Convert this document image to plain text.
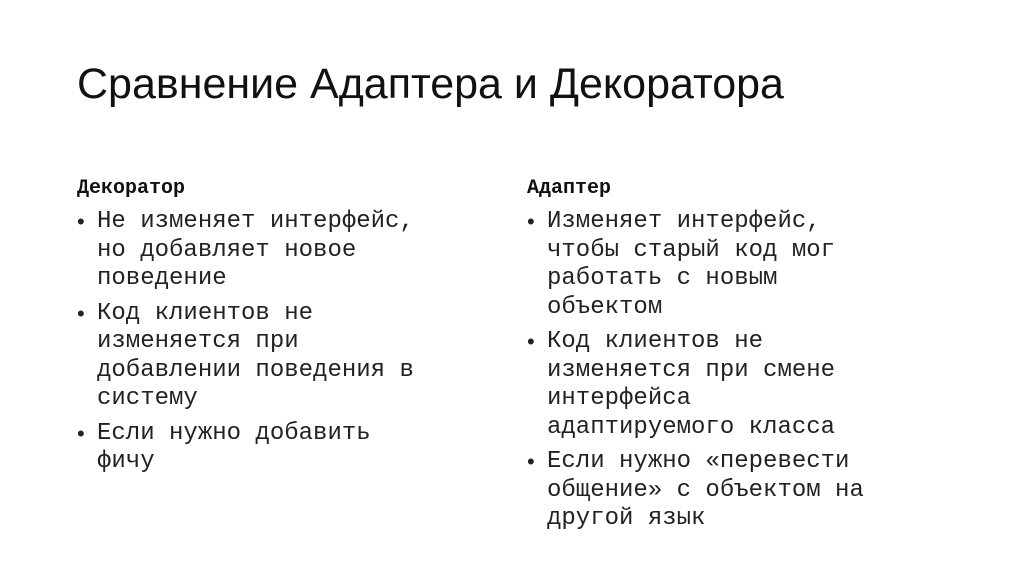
Сравнение Адаптера и Декоратора
Декоратор
• Не изменяет интерфейс,
но добавляет новое
поведение
• Код клиентов не
изменяется при
добавлении поведения в
систему
• Если нужно добавить
фичу
Адаптер
• Изменяет интерфейс,
чтобы старый код мог
работать с новым
объектом
• Код клиентов не
изменяется при смене
интерфейса
адаптируемого класса
• Если нужно «перевести
общение» с объектом на
другой язык
